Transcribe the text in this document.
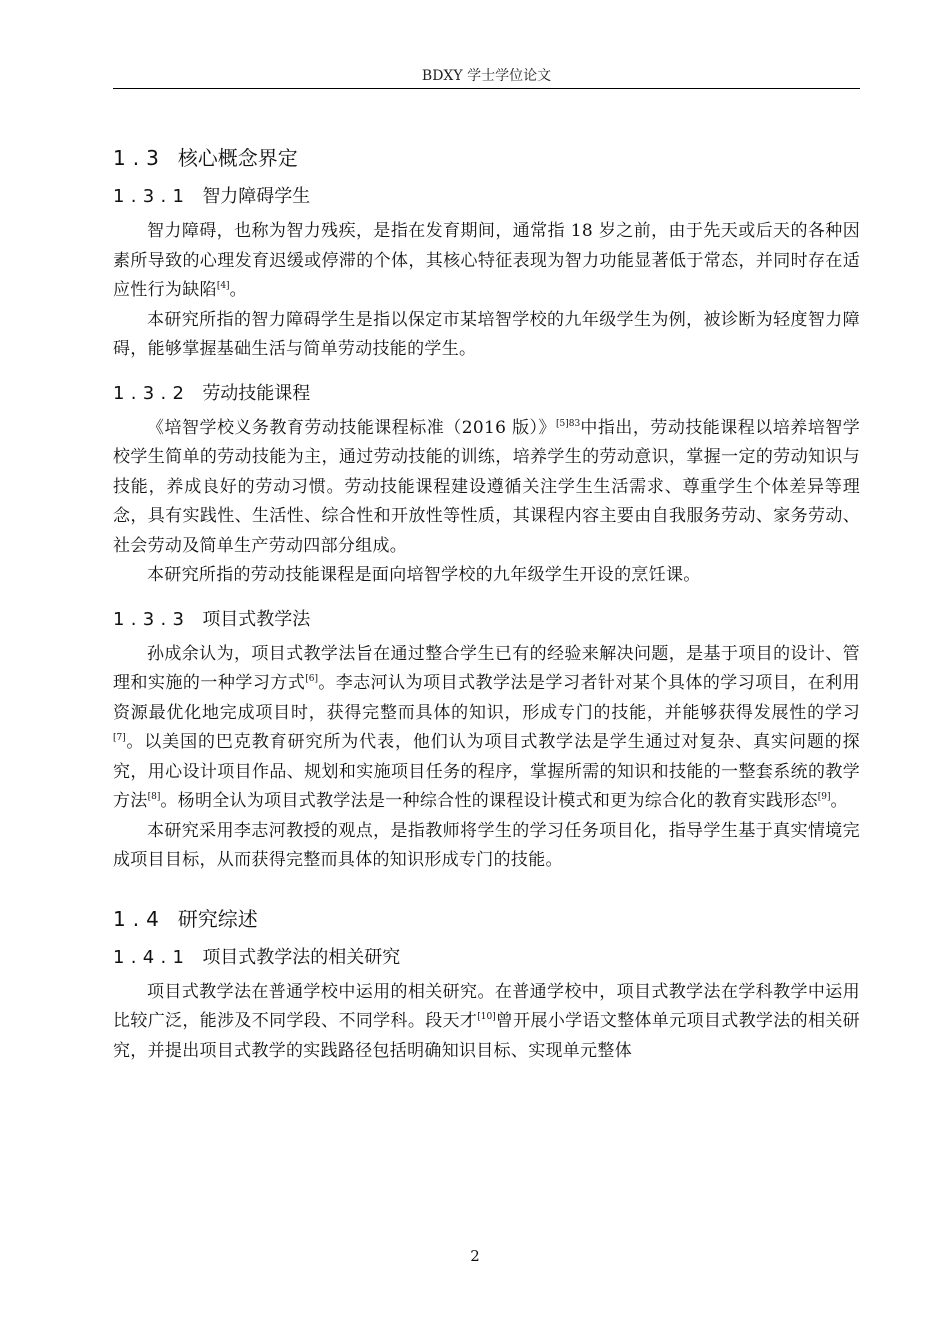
BDXY 学士学位论文
1.3 核心概念界定
1.3.1 智力障碍学生

智力障碍，也称为智力残疾，是指在发育期间，通常指 18 岁之前，由于先天或后天的各种因素所导致的心理发育迟缓或停滞的个体，其核心特征表现为智力功能显著低于常态，并同时存在适应性行为缺陷[4]。

本研究所指的智力障碍学生是指以保定市某培智学校的九年级学生为例，被诊断为轻度智力障碍，能够掌握基础生活与简单劳动技能的学生。

1.3.2 劳动技能课程

《培智学校义务教育劳动技能课程标准（2016 版）》$^{[5]83}$中指出，劳动技能课程以培养培智学校学生简单的劳动技能为主，通过劳动技能的训练，培养学生的劳动意识，掌握一定的劳动知识与技能，养成良好的劳动习惯。劳动技能课程建设遵循关注学生生活需求、尊重学生个体差异等理念，具有实践性、生活性、综合性和开放性等性质，其课程内容主要由自我服务劳动、家务劳动、社会劳动及简单生产劳动四部分组成。

本研究所指的劳动技能课程是面向培智学校的九年级学生开设的烹饪课。

1.3.3 项目式教学法

孙成余认为，项目式教学法旨在通过整合学生已有的经验来解决问题，是基于项目的设计、管理和实施的一种学习方式[6]。李志河认为项目式教学法是学习者针对某个具体的学习项目，在利用资源最优化地完成项目时，获得完整而具体的知识，形成专门的技能，并能够获得发展性的学习[7]。以美国的巴克教育研究所为代表，他们认为项目式教学法是学生通过对复杂、真实问题的探究，用心设计项目作品、规划和实施项目任务的程序，掌握所需的知识和技能的一整套系统的教学方法[8]。杨明全认为项目式教学法是一种综合性的课程设计模式和更为综合化的教育实践形态[9]。

本研究采用李志河教授的观点，是指教师将学生的学习任务项目化，指导学生基于真实情境完成项目目标，从而获得完整而具体的知识形成专门的技能。

1.4 研究综述
1.4.1 项目式教学法的相关研究

项目式教学法在普通学校中运用的相关研究。在普通学校中，项目式教学法在学科教学中运用比较广泛，能涉及不同学段、不同学科。段天才[10]曾开展小学语文整体单元项目式教学法的相关研究，并提出项目式教学的实践路径包括明确知识目标、实现单元整体

2
